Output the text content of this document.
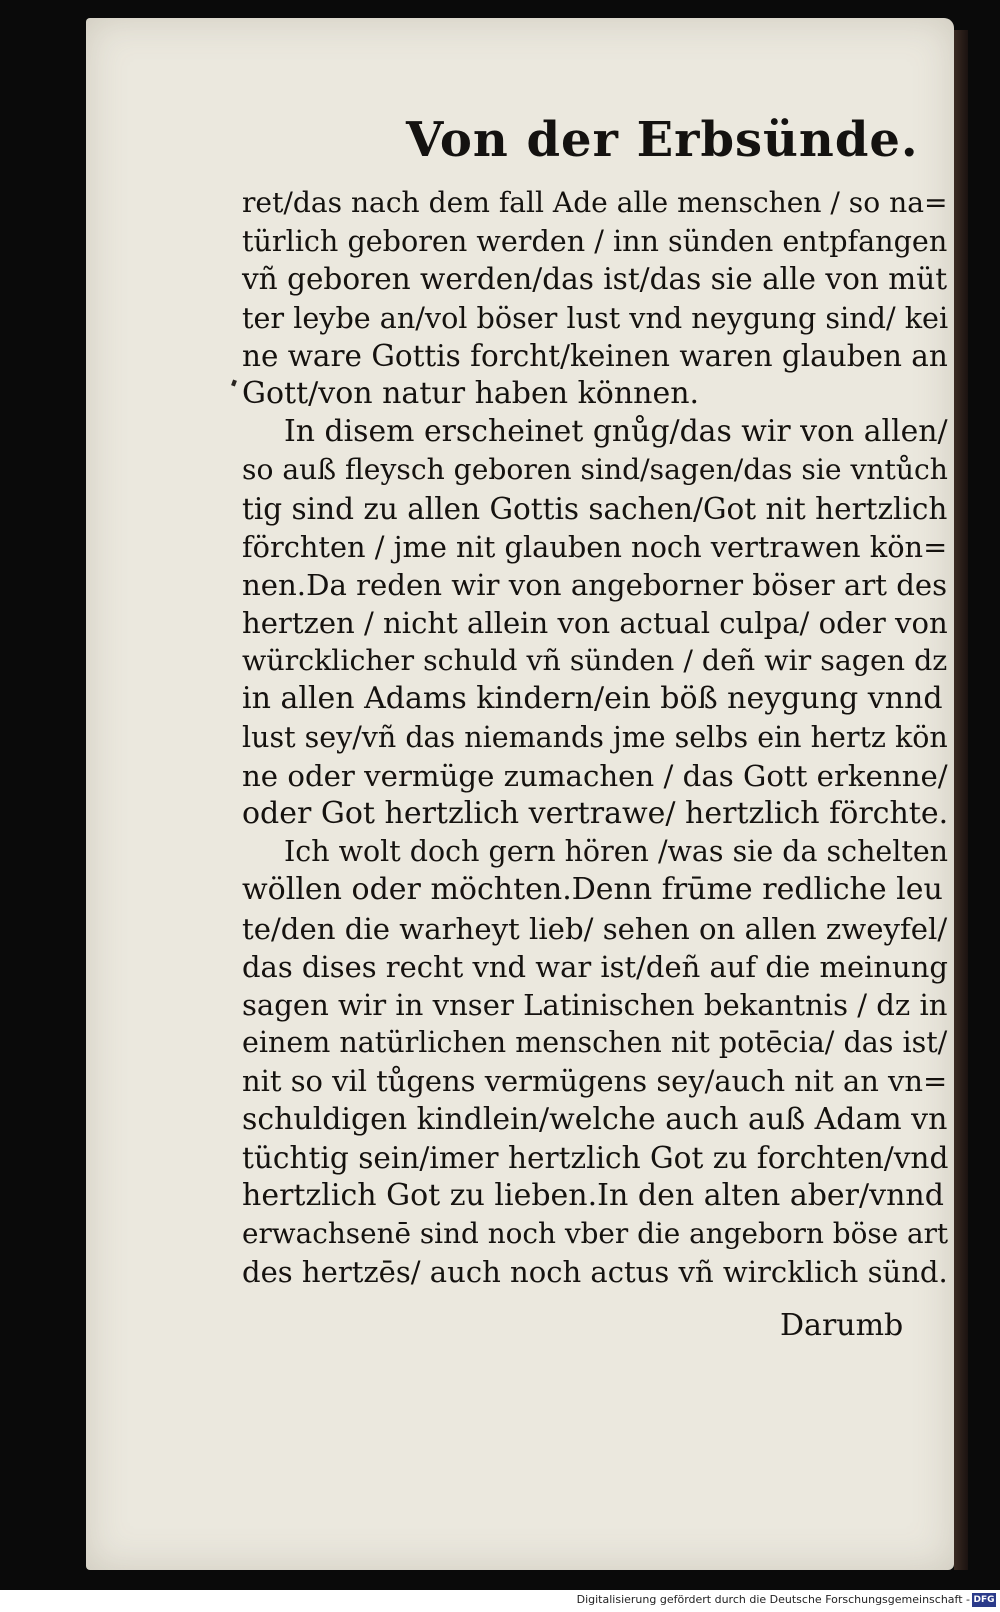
Von der Erbsünde.
ret/das nach dem fall Ade alle menschen / so na=
türlich geboren werden / inn sünden entpfangen
vñ geboren werden/das ist/das sie alle von müt
ter leybe an/vol böser lust vnd neygung sind/ kei
ne ware Gottis forcht/keinen waren glauben an
Gott/von natur haben können.
In disem erscheinet gnůg/das wir von allen/
so auß fleysch geboren sind/sagen/das sie vntůch
tig sind zu allen Gottis sachen/Got nit hertzlich
förchten / jme nit glauben noch vertrawen kön=
nen.Da reden wir von angeborner böser art des
hertzen / nicht allein von actual culpa/ oder von
würcklicher schuld vñ sünden / deñ wir sagen dz
in allen Adams kindern/ein böß neygung vnnd
lust sey/vñ das niemands jme selbs ein hertz kön
ne oder vermüge zumachen / das Gott erkenne/
oder Got hertzlich vertrawe/ hertzlich förchte.
Ich wolt doch gern hören /was sie da schelten
wöllen oder möchten.Denn frūme redliche leu
te/den die warheyt lieb/ sehen on allen zweyfel/
das dises recht vnd war ist/deñ auf die meinung
sagen wir in vnser Latinischen bekantnis / dz in
einem natürlichen menschen nit potēcia/ das ist/
nit so vil tůgens vermügens sey/auch nit an vn=
schuldigen kindlein/welche auch auß Adam vn
tüchtig sein/imer hertzlich Got zu forchten/vnd
hertzlich Got zu lieben.In den alten aber/vnnd
erwachsenē sind noch vber die angeborn böse art
des hertzēs/ auch noch actus vñ wircklich sünd.
Darumb
Digitalisierung gefördert durch die Deutsche Forschungsgemeinschaft - DFG
